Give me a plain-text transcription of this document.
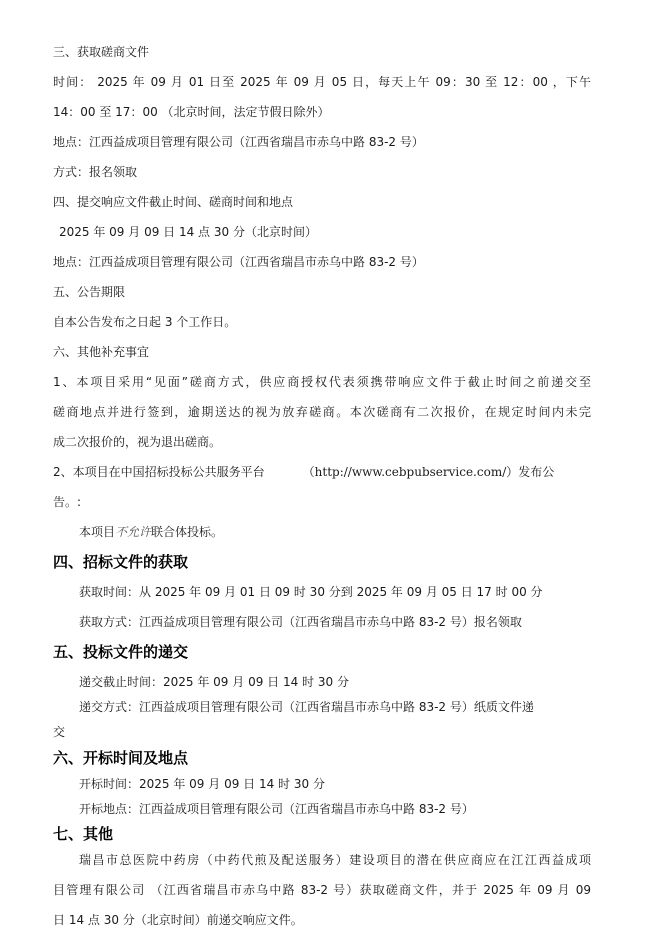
三、获取磋商文件
时间： 2025 年 09 月 01 日至 2025 年 09 月 05 日，每天上午 09：30 至 12：00 ，下午
14：00 至 17：00 （北京时间，法定节假日除外）
地点：江西益成项目管理有限公司（江西省瑞昌市赤乌中路 83-2 号）
方式：报名领取
四、提交响应文件截止时间、磋商时间和地点
2025 年 09 月 09 日 14 点 30 分（北京时间）
地点：江西益成项目管理有限公司（江西省瑞昌市赤乌中路 83-2 号）
五、公告期限
自本公告发布之日起 3 个工作日。
六、其他补充事宜
1、本项目采用“见面”磋商方式，供应商授权代表须携带响应文件于截止时间之前递交至
磋商地点并进行签到，逾期送达的视为放弃磋商。本次磋商有二次报价，在规定时间内未完
成二次报价的，视为退出磋商。
2、本项目在中国招标投标公共服务平台	（http://www.cebpubservice.com/）发布公
告。:
本项目不允许联合体投标。
四、招标文件的获取
获取时间：从 2025 年 09 月 01 日 09 时 30 分到 2025 年 09 月 05 日 17 时 00 分
获取方式：江西益成项目管理有限公司（江西省瑞昌市赤乌中路 83-2 号）报名领取
五、投标文件的递交
递交截止时间：2025 年 09 月 09 日 14 时 30 分
递交方式：江西益成项目管理有限公司（江西省瑞昌市赤乌中路 83-2 号）纸质文件递
交
六、开标时间及地点
开标时间：2025 年 09 月 09 日 14 时 30 分
开标地点：江西益成项目管理有限公司（江西省瑞昌市赤乌中路 83-2 号）
七、其他
瑞昌市总医院中药房（中药代煎及配送服务）建设项目的潜在供应商应在江江西益成项
目管理有限公司 （江西省瑞昌市赤乌中路 83-2 号）获取磋商文件，并于 2025 年 09 月 09
日 14 点 30 分（北京时间）前递交响应文件。
